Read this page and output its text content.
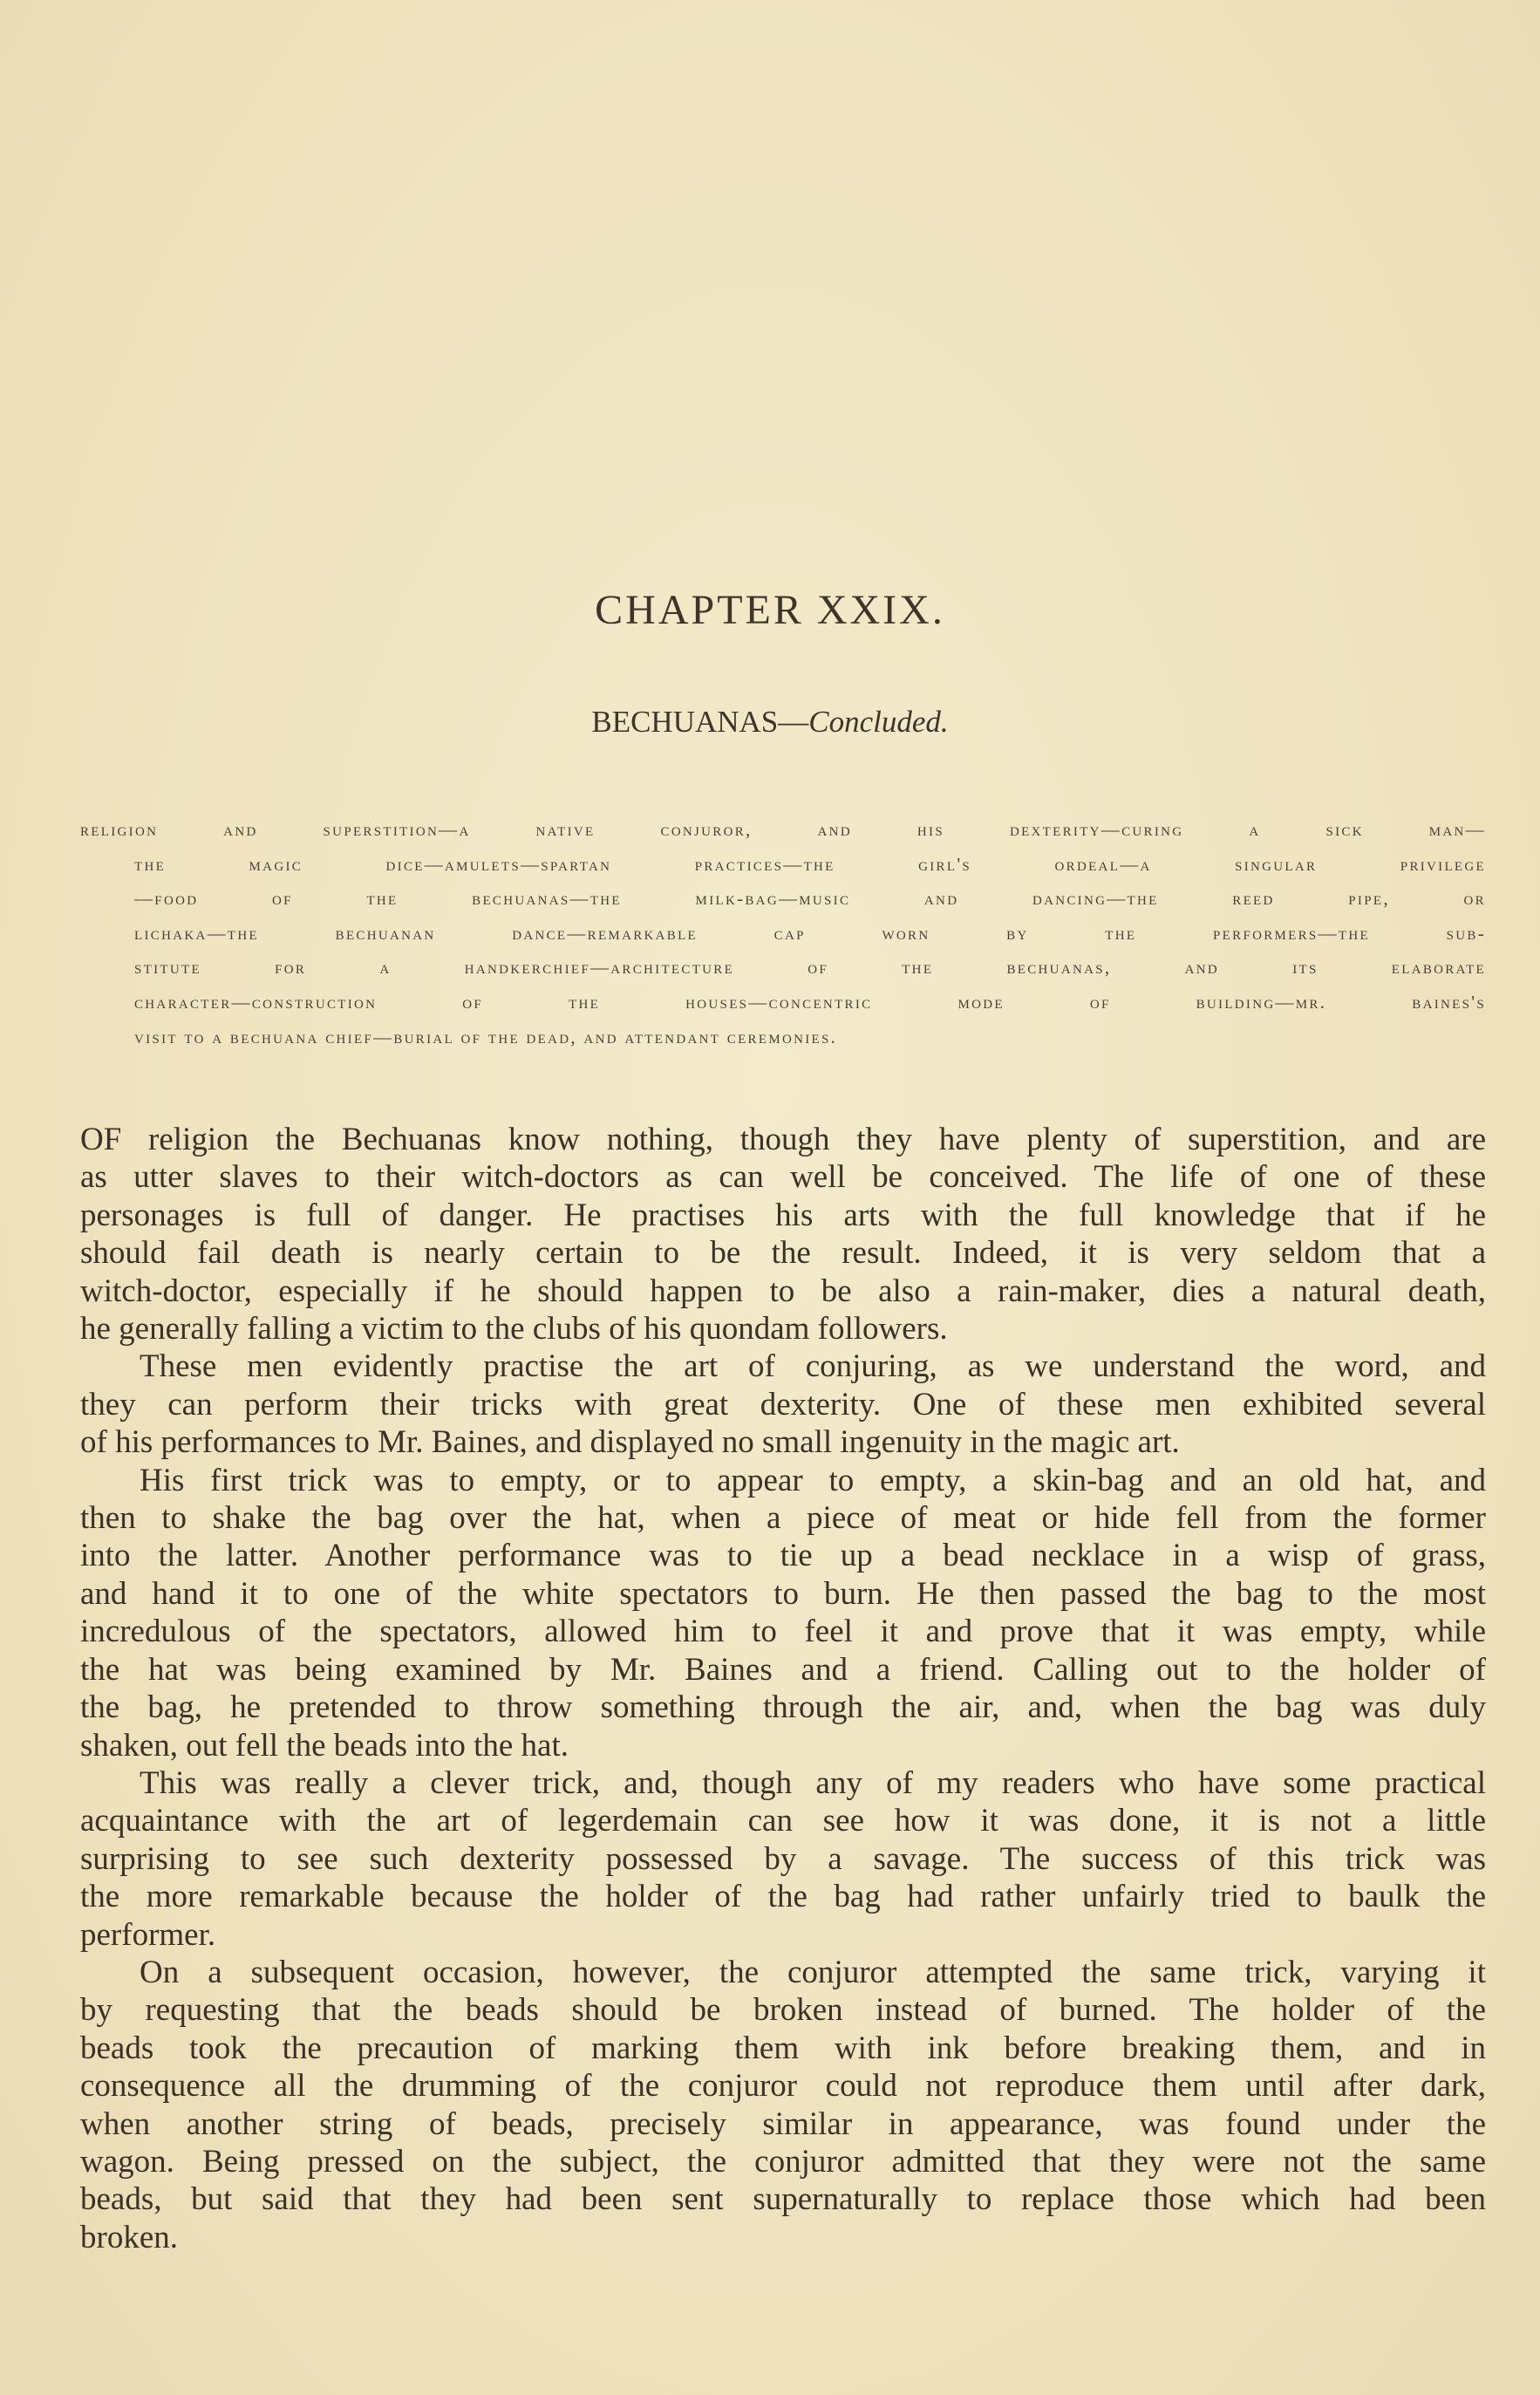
CHAPTER XXIX.
BECHUANAS—Concluded.
religion and superstition—a native conjuror, and his dexterity—curing a sick man—
the magic dice—amulets—spartan practices—the girl's ordeal—a singular privilege
—food of the bechuanas—the milk-bag—music and dancing—the reed pipe, or
lichaka—the bechuanan dance—remarkable cap worn by the performers—the sub-
stitute for a handkerchief—architecture of the bechuanas, and its elaborate
character—construction of the houses—concentric mode of building—mr. baines's
visit to a bechuana chief—burial of the dead, and attendant ceremonies.
OF religion the Bechuanas know nothing, though they have plenty of superstition, and are
as utter slaves to their witch-doctors as can well be conceived. The life of one of these
personages is full of danger. He practises his arts with the full knowledge that if he
should fail death is nearly certain to be the result. Indeed, it is very seldom that a
witch-doctor, especially if he should happen to be also a rain-maker, dies a natural death,
he generally falling a victim to the clubs of his quondam followers.
These men evidently practise the art of conjuring, as we understand the word, and
they can perform their tricks with great dexterity. One of these men exhibited several
of his performances to Mr. Baines, and displayed no small ingenuity in the magic art.
His first trick was to empty, or to appear to empty, a skin-bag and an old hat, and
then to shake the bag over the hat, when a piece of meat or hide fell from the former
into the latter. Another performance was to tie up a bead necklace in a wisp of grass,
and hand it to one of the white spectators to burn. He then passed the bag to the most
incredulous of the spectators, allowed him to feel it and prove that it was empty, while
the hat was being examined by Mr. Baines and a friend. Calling out to the holder of
the bag, he pretended to throw something through the air, and, when the bag was duly
shaken, out fell the beads into the hat.
This was really a clever trick, and, though any of my readers who have some practical
acquaintance with the art of legerdemain can see how it was done, it is not a little
surprising to see such dexterity possessed by a savage. The success of this trick was
the more remarkable because the holder of the bag had rather unfairly tried to baulk the
performer.
On a subsequent occasion, however, the conjuror attempted the same trick, varying it
by requesting that the beads should be broken instead of burned. The holder of the
beads took the precaution of marking them with ink before breaking them, and in
consequence all the drumming of the conjuror could not reproduce them until after dark,
when another string of beads, precisely similar in appearance, was found under the
wagon. Being pressed on the subject, the conjuror admitted that they were not the same
beads, but said that they had been sent supernaturally to replace those which had been
broken.
